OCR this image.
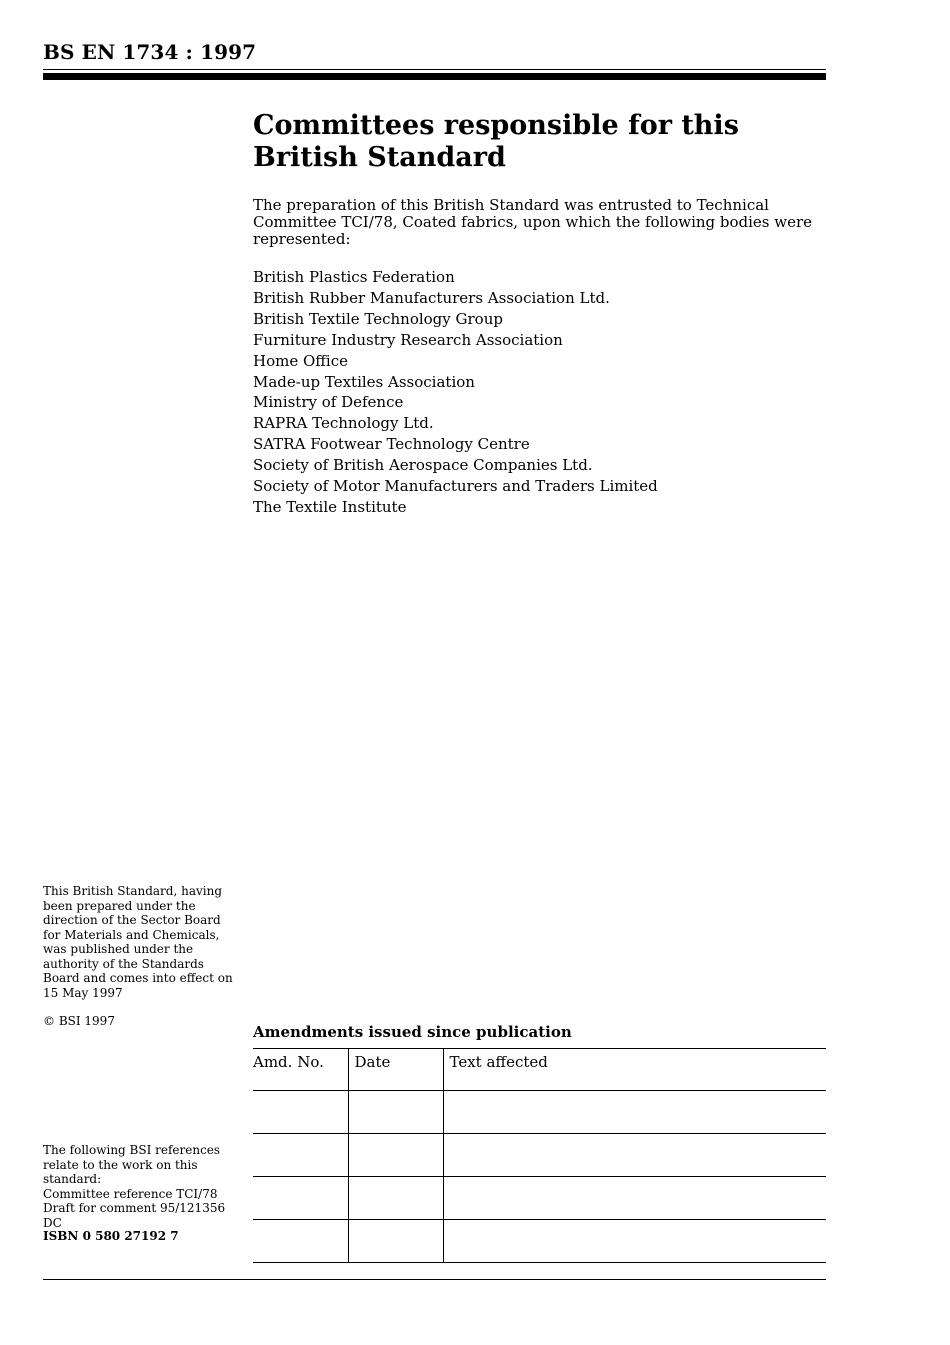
BS EN 1734 : 1997
Committees responsible for this
British Standard
The preparation of this British Standard was entrusted to Technical Committee TCI/78, Coated fabrics, upon which the following bodies were represented:
British Plastics Federation
British Rubber Manufacturers Association Ltd.
British Textile Technology Group
Furniture Industry Research Association
Home Office
Made-up Textiles Association
Ministry of Defence
RAPRA Technology Ltd.
SATRA Footwear Technology Centre
Society of British Aerospace Companies Ltd.
Society of Motor Manufacturers and Traders Limited
The Textile Institute
This British Standard, having been prepared under the direction of the Sector Board for Materials and Chemicals, was published under the authority of the Standards Board and comes into effect on
15 May 1997
© BSI 1997
The following BSI references relate to the work on this standard:
Committee reference TCI/78
Draft for comment 95/121356 DC
ISBN 0 580 27192 7
Amendments issued since publication
Amd. No.	Date	Text affected
